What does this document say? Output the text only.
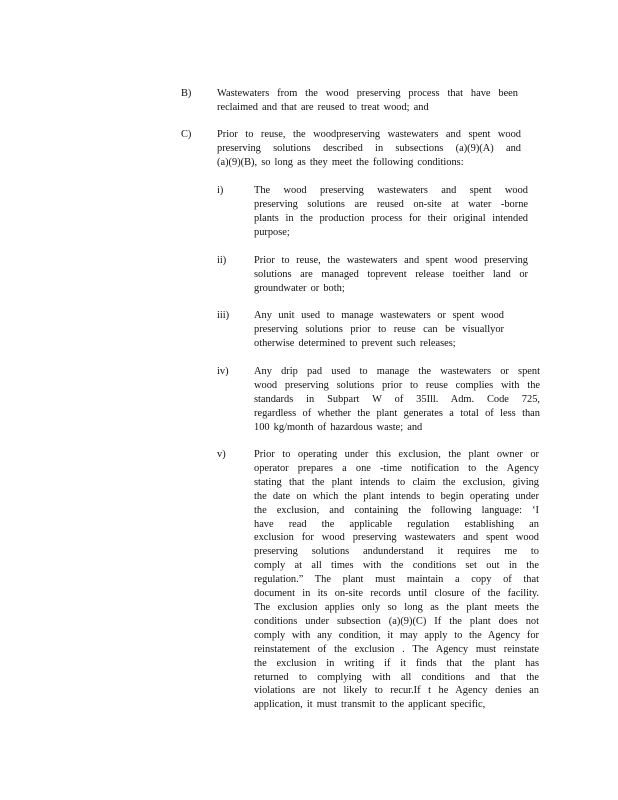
B) Wastewaters from the wood preserving process that have been
reclaimed and that are reused to treat wood; and
C) Prior to reuse, the woodpreserving wastewaters and spent wood
preserving solutions described in subsections (a)(9)(A) and
(a)(9)(B), so long as they meet the following conditions:
i)	The wood preserving wastewaters and spent wood
preserving solutions are reused on-site at water -borne
plants in the production process for their original intended
purpose;
ii)	Prior to reuse, the wastewaters and spent wood preserving
solutions are managed toprevent release toeither land or
groundwater or both;
iii) Any unit used to manage wastewaters or spent wood
preserving solutions prior to reuse can be visuallyor
otherwise determined to prevent such releases;
iv) Any drip pad used to manage the wastewaters or spent
wood preserving solutions prior to reuse complies with the
standards in Subpart W of 35Ill. Adm. Code 725,
regardless of whether the plant generates a total of less than
100 kg/month of hazardous waste; and
v)	Prior to operating under this exclusion, the plant owner or
operator prepares a one -time notification to the Agency
stating that the plant intends to claim the exclusion, giving
the date on which the plant intends to begin operating under
the exclusion, and containing the following language: ‘I
have read the applicable regulation establishing an
exclusion for wood preserving wastewaters and spent wood
preserving solutions andunderstand it requires me to
comply at all times with the conditions set out in the
regulation.” The plant must maintain a copy of that
document in its on-site records until closure of the facility.
The exclusion applies only so long as the plant meets the
conditions under subsection (a)(9)(C) If the plant does not
comply with any condition, it may apply to the Agency for
reinstatement of the exclusion . The Agency must reinstate
the exclusion in writing if it finds that the plant has
returned to complying with all conditions and that the
violations are not likely to recur.If t he Agency denies an
application, it must transmit to the applicant specific,
